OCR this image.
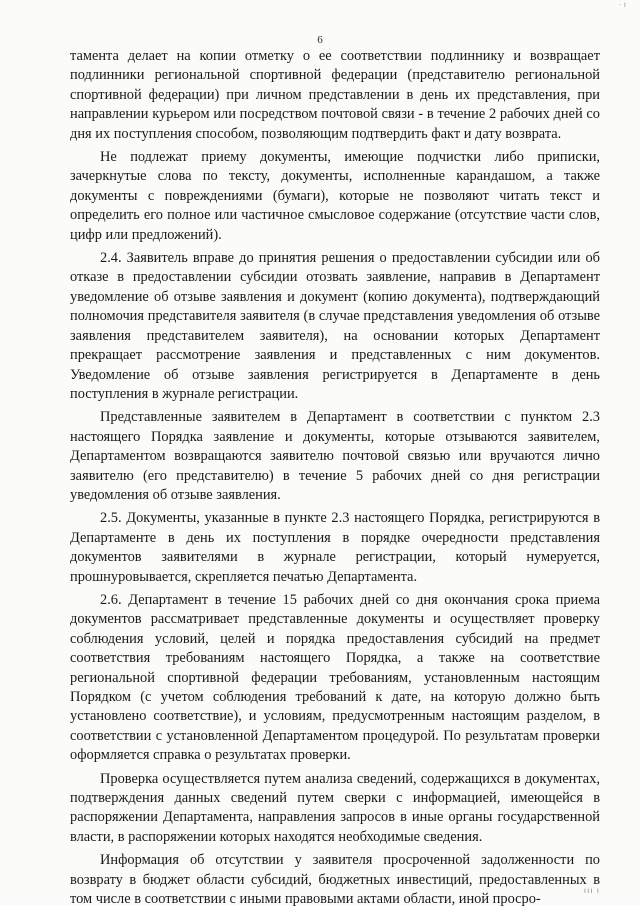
· ı
6

тамента делает на копии отметку о ее соответствии подлиннику и возвращает подлинники региональной спортивной федерации (представителю региональной спортивной федерации) при личном представлении в день их представления, при направлении курьером или посредством почтовой связи - в течение 2 рабочих дней со дня их поступления способом, позволяющим подтвердить факт и дату возврата.

Не подлежат приему документы, имеющие подчистки либо приписки, зачеркнутые слова по тексту, документы, исполненные карандашом, а также документы с повреждениями (бумаги), которые не позволяют читать текст и определить его полное или частичное смысловое содержание (отсутствие части слов, цифр или предложений).

2.4. Заявитель вправе до принятия решения о предоставлении субсидии или об отказе в предоставлении субсидии отозвать заявление, направив в Департамент уведомление об отзыве заявления и документ (копию документа), подтверждающий полномочия представителя заявителя (в случае представления уведомления об отзыве заявления представителем заявителя), на основании которых Департамент прекращает рассмотрение заявления и представленных с ним документов. Уведомление об отзыве заявления регистрируется в Департаменте в день поступления в журнале регистрации.

Представленные заявителем в Департамент в соответствии с пунктом 2.3 настоящего Порядка заявление и документы, которые отзываются заявителем, Департаментом возвращаются заявителю почтовой связью или вручаются лично заявителю (его представителю) в течение 5 рабочих дней со дня регистрации уведомления об отзыве заявления.

2.5. Документы, указанные в пункте 2.3 настоящего Порядка, регистрируются в Департаменте в день их поступления в порядке очередности представления документов заявителями в журнале регистрации, который нумеруется, прошнуровывается, скрепляется печатью Департамента.

2.6. Департамент в течение 15 рабочих дней со дня окончания срока приема документов рассматривает представленные документы и осуществляет проверку соблюдения условий, целей и порядка предоставления субсидий на предмет соответствия требованиям настоящего Порядка, а также на соответствие региональной спортивной федерации требованиям, установленным настоящим Порядком (с учетом соблюдения требований к дате, на которую должно быть установлено соответствие), и условиям, предусмотренным настоящим разделом, в соответствии с установленной Департаментом процедурой. По результатам проверки оформляется справка о результатах проверки.

Проверка осуществляется путем анализа сведений, содержащихся в документах, подтверждения данных сведений путем сверки с информацией, имеющейся в распоряжении Департамента, направления запросов в иные органы государственной власти, в распоряжении которых находятся необходимые сведения.

Информация об отсутствии у заявителя просроченной задолженности по возврату в бюджет области субсидий, бюджетных инвестиций, предоставленных в том числе в соответствии с иными правовыми актами области, иной просро-

ııı ı
